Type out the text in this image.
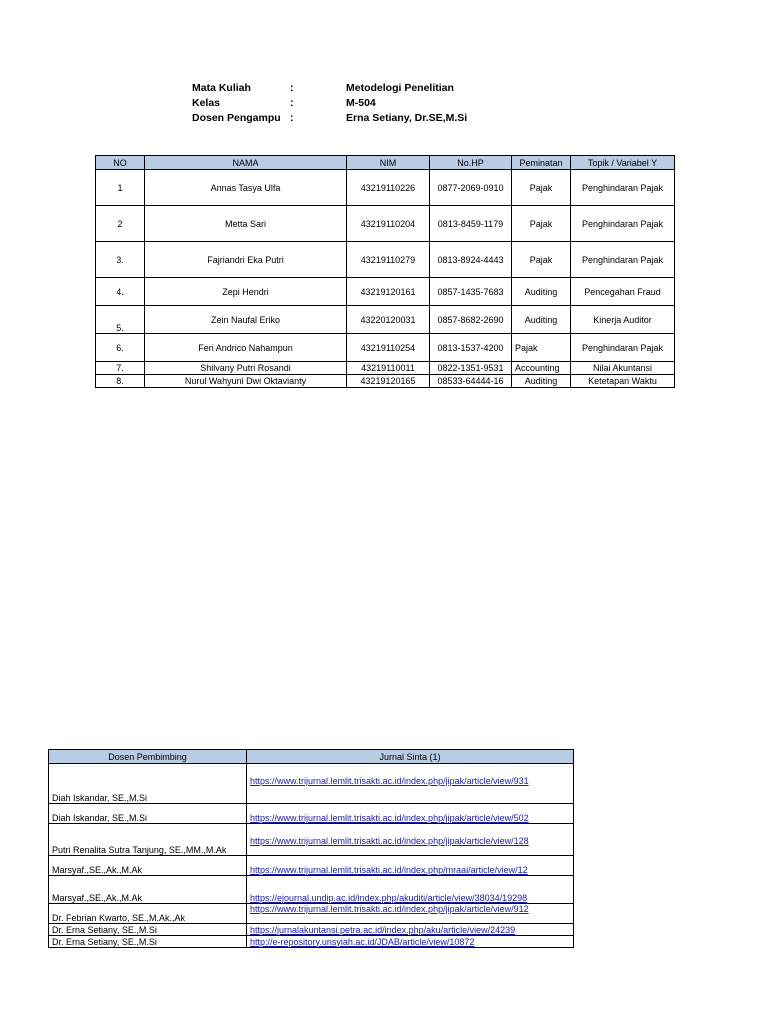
Mata Kuliah	:	Metodelogi Penelitian
Kelas	:	M-504
Dosen Pengampu :	Erna Setiany, Dr.SE,M.Si
NO	NAMA	NIM	No.HP	Peminatan	Topik / Variabel Y
1	Annas Tasya Ulfa	43219110226	0877-2069-0910	Pajak	Penghindaran Pajak
2	Metta Sari	43219110204	0813-8459-1179	Pajak	Penghindaran Pajak
3.	Fajriandri Eka Putri	43219110279	0813-8924-4443	Pajak	Penghindaran Pajak
4.	Zepi Hendri	43219120161	0857-1435-7683	Auditing	Pencegahan Fraud
5.	Zein Naufal Eriko	43220120031	0857-8682-2690	Auditing	Kinerja Auditor
6.	Feri Andrico Nahampun	43219110254	0813-1537-4200	Pajak	Penghindaran Pajak
7.	Shilvany Putri Rosandi	43219110011	0822-1351-9531	Accounting	Nilai Akuntansi
8.	Nurul Wahyuni Dwi Oktavianty	43219120165	08533-64444-16	Auditing	Ketetapan Waktu
Dosen Pembimbing	Jurnal Sinta (1)
Diah Iskandar, SE.,M.Si	https://www.trijurnal.lemlit.trisakti.ac.id/index.php/jipak/article/view/931
Diah Iskandar, SE.,M.Si	https://www.trijurnal.lemlit.trisakti.ac.id/index.php/jipak/article/view/502
Putri Renalita Sutra Tanjung, SE.,MM.,M.Ak	https://www.trijurnal.lemlit.trisakti.ac.id/index.php/jipak/article/view/128
Marsyaf.,SE.,Ak.,M.Ak	https://www.trijurnal.lemlit.trisakti.ac.id/index.php/mraai/article/view/12
Marsyaf.,SE.,Ak.,M.Ak	https://ejournal.undip.ac.id/index.php/akuditi/article/view/38034/19298
Dr. Febrian Kwarto, SE.,M.Ak.,Ak	https://www.trijurnal.lemlit.trisakti.ac.id/index.php/jipak/article/view/912
Dr. Erna Setiany, SE.,M.Si	https://jurnalakuntansi.petra.ac.id/index.php/aku/article/view/24239
Dr. Erna Setiany, SE.,M.Si	http://e-repository.unsyiah.ac.id/JDAB/article/view/10872
